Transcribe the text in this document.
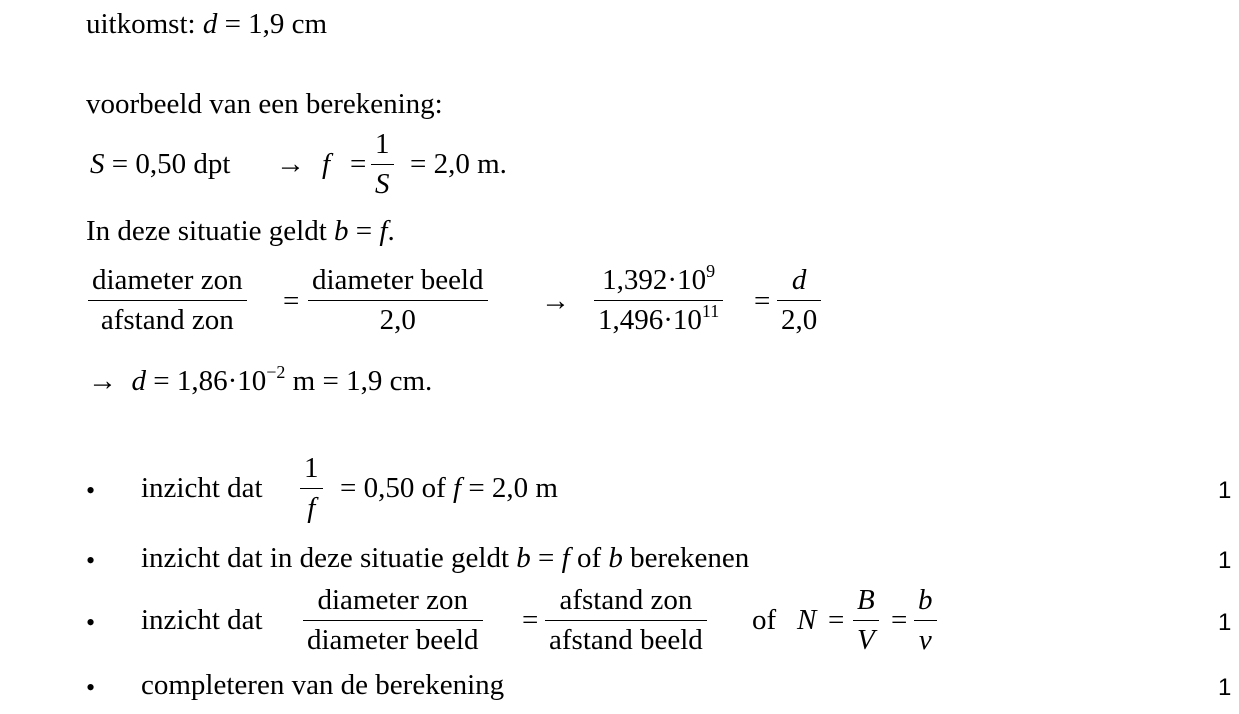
uitkomst: d = 1,9 cm
voorbeeld van een berekening:
S = 0,50 dpt → f =
1
S
= 2,0 m.
In deze situatie geldt b = f.
diameter zon
afstand zon
=
diameter beeld
2,0
→
$1,392\cdot 10^9$
$1,496\cdot 10^{11}$ =
d
2,0
→ $d = 1,86\cdot 10^{-2}$ m = 1,9 cm.
• inzicht dat
1
f
= 0,50 of f = 2,0 m	1
• inzicht dat in deze situatie geldt b = f of b berekenen	1
• inzicht dat
diameter zon
diameter beeld
=
afstand zon
afstand beeld
of N =
B
V
=
b
v
1
• completeren van de berekening	1
